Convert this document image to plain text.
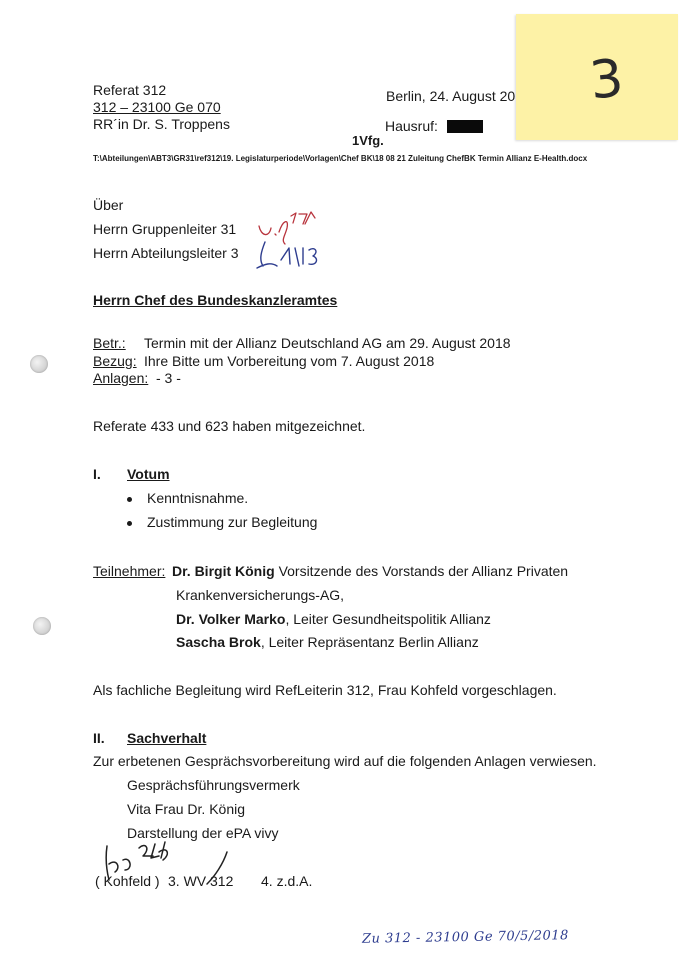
3
Referat 312
312 – 23100 Ge 070
RR´in Dr. S. Troppens
Berlin, 24. August 20
Hausruf:
1Vfg.
T:\Abteilungen\ABT3\GR31\ref312\19. Legislaturperiode\Vorlagen\Chef BK\18 08 21 Zuleitung ChefBK Termin Allianz E-Health.docx
Über
Herrn Gruppenleiter 31
Herrn Abteilungsleiter 3
Herrn Chef des Bundeskanzleramtes
Betr.: Termin mit der Allianz Deutschland AG am 29. August 2018
Bezug: Ihre Bitte um Vorbereitung vom 7. August 2018
Anlagen: - 3 -
Referate 433 und 623 haben mitgezeichnet.
I. Votum
Kenntnisnahme.
Zustimmung zur Begleitung
Teilnehmer: Dr. Birgit König Vorsitzende des Vorstands der Allianz Privaten
Krankenversicherungs-AG,
Dr. Volker Marko, Leiter Gesundheitspolitik Allianz
Sascha Brok, Leiter Repräsentanz Berlin Allianz
Als fachliche Begleitung wird RefLeiterin 312, Frau Kohfeld vorgeschlagen.
II. Sachverhalt
Zur erbetenen Gesprächsvorbereitung wird auf die folgenden Anlagen verwiesen.
Gesprächsführungsvermerk
Vita Frau Dr. König
Darstellung der ePA vivy
( Kohfeld ) 3. WV 312 4. z.d.A.
Zu 312 - 23100 Ge 70/5/2018
